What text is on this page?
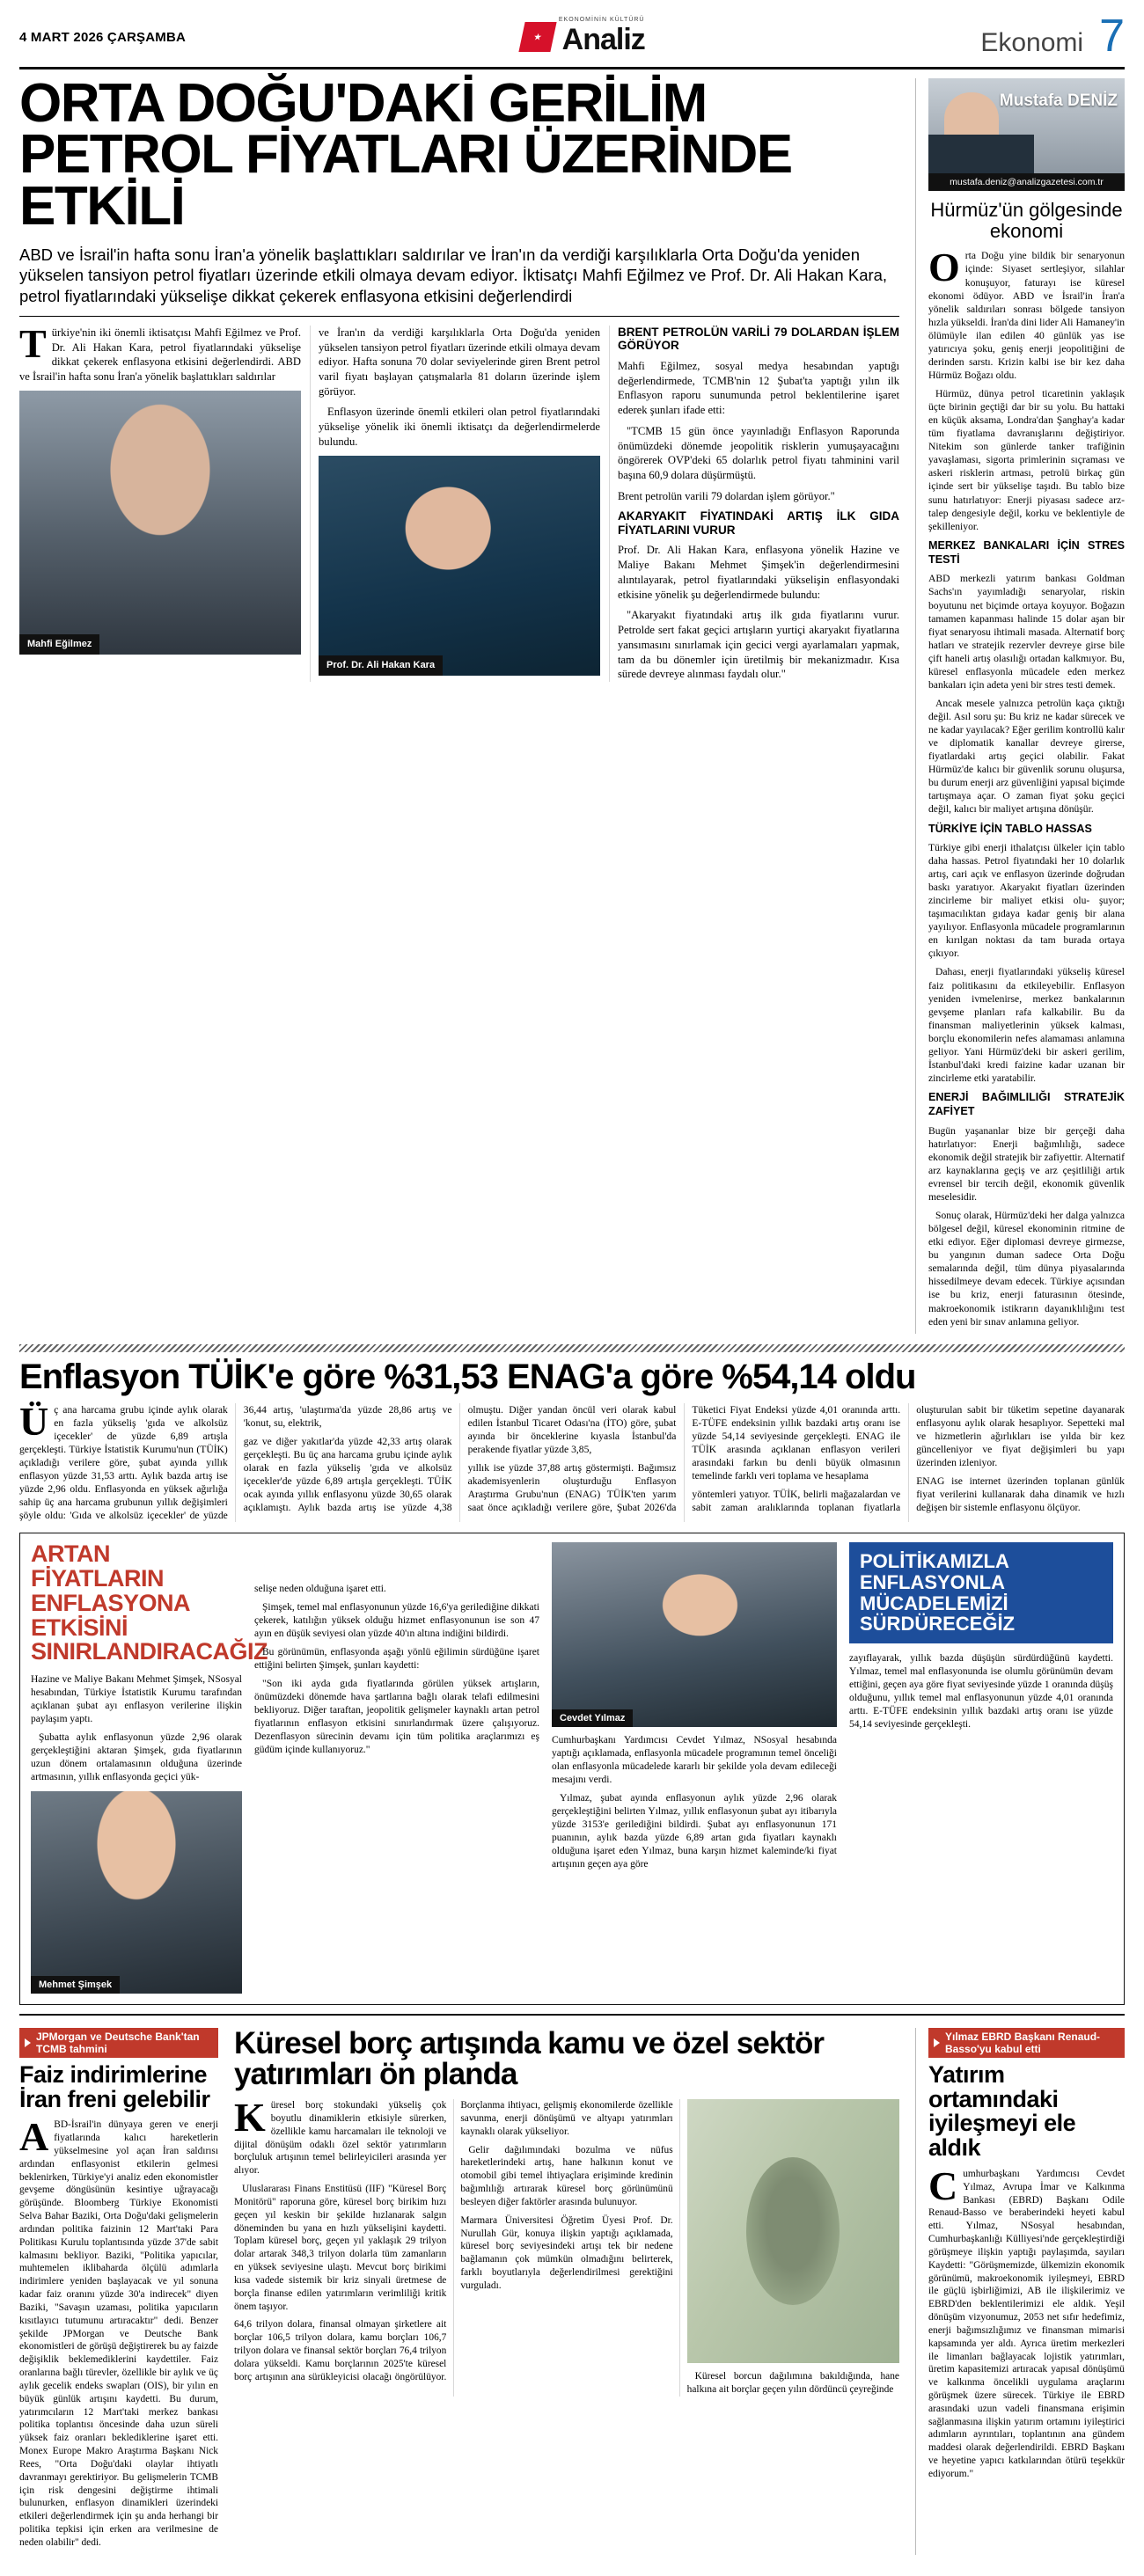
4 MART 2026 ÇARŞAMBA	★
EKONOMİNİN KÜLTÜRÜ
Analiz	Ekonomi 7
ORTA DOĞU'DAKİ GERİLİM PETROL FİYATLARI ÜZERİNDE ETKİLİ
ABD ve İsrail'in hafta sonu İran'a yönelik başlattıkları saldırılar ve İran'ın da verdiği karşılıklarla Orta Doğu'da yeniden yükselen tansiyon petrol fiyatları üzerinde etkili olmaya devam ediyor. İktisatçı Mahfi Eğilmez ve Prof. Dr. Ali Hakan Kara, petrol fiyatlarındaki yükselişe dikkat çekerek enflasyona etkisini değerlendirdi

Türkiye'nin iki önemli iktisatçısı Mahfi Eğilmez ve Prof. Dr. Ali Hakan Kara, petrol fiyatlarındaki yükselişe dikkat çekerek enflasyona etkisini değerlendirdi. ABD ve İsrail'in hafta sonu İran'a yönelik başlattıkları saldırılar

Mahfi Eğilmez

ve İran'ın da verdiği karşılıklarla Orta Doğu'da yeniden yükselen tansiyon petrol fiyatları üzerinde etkili olmaya devam ediyor. Hafta sonuna 70 dolar seviyelerinde giren Brent petrol varil fiyatı başlayan çatışmalarla 81 doların üzerinde işlem görüyor.

Enflasyon üzerinde önemli etkileri olan petrol fiyatlarındaki yükselişe yönelik iki önemli iktisatçı da değerlendirmelerde bulundu.

Prof. Dr. Ali Hakan Kara

BRENT PETROLÜN VARİLİ 79 DOLARDAN İŞLEM GÖRÜYOR

Mahfi Eğilmez, sosyal medya hesabından yaptığı değerlendirmede, TCMB'nin 12 Şubat'ta yaptığı yılın ilk Enflasyon raporu sunumunda petrol beklentilerine işaret ederek şunları ifade etti:

"TCMB 15 gün önce yayınladığı Enflasyon Raporunda önümüzdeki dönemde jeopolitik risklerin yumuşayacağını öngörerek OVP'deki 65 dolarlık petrol fiyatı tahminini varil başına 60,9 dolara düşürmüştü.

Brent petrolün varili 79 dolardan işlem görüyor."

AKARYAKIT FİYATINDAKİ ARTIŞ İLK GIDA FİYATLARINI VURUR

Prof. Dr. Ali Hakan Kara, enflasyona yönelik Hazine ve Maliye Bakanı Mehmet Şimşek'in değerlendirmesini alıntılayarak, petrol fiyatlarındaki yükselişin enflasyondaki etkisine yönelik şu değerlendirmede bulundu:

"Akaryakıt fiyatındaki artış ilk gıda fiyatlarını vurur. Petrolde sert fakat geçici artışların yurtiçi akaryakıt fiyatlarına yansımasını sınırlamak için gecici vergi ayarlamaları yapmak, tam da bu dönemler için üretilmiş bir mekanizmadır. Kısa sürede devreye alınması faydalı olur."

Mustafa DENİZ
mustafa.deniz@analizgazetesi.com.tr
Hürmüz'ün gölgesinde ekonomi

Orta Doğu yine bildik bir senaryonun içinde: Siyaset sertleşiyor, silahlar konuşuyor, faturayı ise küresel ekonomi ödüyor. ABD ve İsrail'in İran'a yönelik saldırıları sonrası bölgede tansiyon hızla yükseldi. İran'da dini lider Ali Hamaney'in ölümüyle ilan edilen 40 günlük yas ise yatırıcıya şoku, geniş enerji jeopolitiğini de derinden sarstı. Krizin kalbi ise bir kez daha Hürmüz Boğazı oldu.

Hürmüz, dünya petrol ticaretinin yaklaşık üçte birinin geçtiği dar bir su yolu. Bu hattaki en küçük aksama, Londra'dan Şanghay'a kadar tüm fiyatlama davranışlarını değiştiriyor. Nitekim son günlerde tanker trafiğinin yavaşlaması, sigorta primlerinin sıçraması ve askeri risklerin artması, petrolü birkaç gün içinde sert bir yükselişe taşıdı. Bu tablo bize sunu hatırlatıyor: Enerji piyasası sadece arz-talep dengesiyle değil, korku ve beklentiyle de şekilleniyor.

MERKEZ BANKALARI İÇİN STRES TESTİ

ABD merkezli yatırım bankası Goldman Sachs'ın yayımladığı senaryolar, riskin boyutunu net biçimde ortaya koyuyor. Boğazın tamamen kapanması halinde 15 dolar aşan bir fiyat senaryosu ihtimali masada. Alternatif borç hatları ve stratejik rezervler devreye girse bile çift haneli artış olasılığı ortadan kalkmıyor. Bu, küresel enflasyonla mücadele eden merkez bankaları için adeta yeni bir stres testi demek.

Ancak mesele yalnızca petrolün kaça çıktığı değil. Asıl soru şu: Bu kriz ne kadar sürecek ve ne kadar yayılacak? Eğer gerilim kontrollü kalır ve diplomatik kanallar devreye girerse, fiyatlardaki artış geçici olabilir. Fakat Hürmüz'de kalıcı bir güvenlik sorunu oluşursa, bu durum enerji arz güvenliğini yapısal biçimde tartışmaya açar. O zaman fiyat şoku geçici değil, kalıcı bir maliyet artışına dönüşür.

TÜRKİYE İÇİN TABLO HASSAS

Türkiye gibi enerji ithalatçısı ülkeler için tablo daha hassas. Petrol fiyatındaki her 10 dolarlık artış, cari açık ve enflasyon üzerinde doğrudan baskı yaratıyor. Akaryakıt fiyatları üzerinden zincirleme bir maliyet etkisi olu- şuyor; taşımacılıktan gıdaya kadar geniş bir alana yayılıyor. Enflasyonla mücadele programlarının en kırılgan noktası da tam burada ortaya çıkıyor.

Dahası, enerji fiyatlarındaki yükseliş küresel faiz politikasını da etkileyebilir. Enflasyon yeniden ivmelenirse, merkez bankalarının gevşeme planları rafa kalkabilir. Bu da finansman maliyetlerinin yüksek kalması, borçlu ekonomilerin nefes alamaması anlamına geliyor. Yani Hürmüz'deki bir askeri gerilim, İstanbul'daki kredi faizine kadar uzanan bir zincirleme etki yaratabilir.

ENERJİ BAĞIMLILIĞI STRATEJİK ZAFİYET

Bugün yaşananlar bize bir gerçeği daha hatırlatıyor: Enerji bağımlılığı, sadece ekonomik değil stratejik bir zafiyettir. Alternatif arz kaynaklarına geçiş ve arz çeşitliliği artık evrensel bir tercih değil, ekonomik güvenlik meselesidir.

Sonuç olarak, Hürmüz'deki her dalga yalnızca bölgesel değil, küresel ekonominin ritmine de etki ediyor. Eğer diplomasi devreye girmezse, bu yangının duman sadece Orta Doğu semalarında değil, tüm dünya piyasalarında hissedilmeye devam edecek. Türkiye açısından ise bu kriz, enerji faturasının ötesinde, makroekonomik istikrarın dayanıklılığını test eden yeni bir sınav anlamına geliyor.

Enflasyon TÜİK'e göre %31,53 ENAG'a göre %54,14 oldu

Üç ana harcama grubu içinde aylık olarak en fazla yükseliş 'gıda ve alkolsüz içecekler' de yüzde 6,89 artışla gerçekleşti. Türkiye İstatistik Kurumu'nun (TÜİK) açıkladığı verilere göre, şubat ayında yıllık enflasyon yüzde 31,53 arttı. Aylık bazda artış ise yüzde 2,96 oldu. Enflasyonda en yüksek ağırlığa sahip üç ana harcama grubunun yıllık değişimleri şöyle oldu: 'Gıda ve alkolsüz içecekler' de yüzde 36,44 artış, 'ulaştırma'da yüzde 28,86 artış ve 'konut, su, elektrik,

gaz ve diğer yakıtlar'da yüzde 42,33 artış olarak gerçekleşti. Bu üç ana harcama grubu içinde aylık olarak en fazla yükseliş 'gıda ve alkolsüz içecekler'de yüzde 6,89 artışla gerçekleşti. TÜİK ocak ayında yıllık enflasyonu yüzde 30,65 olarak açıklamıştı. Aylık bazda artış ise yüzde 4,38 olmuştu. Diğer yandan öncül veri olarak kabul edilen İstanbul Ticaret Odası'na (İTO) göre, şubat ayında bir önceklerine kıyasla İstanbul'da perakende fiyatlar yüzde 3,85,

yıllık ise yüzde 37,88 artış göstermişti. Bağımsız akademisyenlerin oluşturduğu Enflasyon Araştırma Grubu'nun (ENAG) TÜİK'ten yarım saat önce açıkladığı verilere göre, Şubat 2026'da Tüketici Fiyat Endeksi yüzde 4,01 oranında arttı. E-TÜFE endeksinin yıllık bazdaki artış oranı ise yüzde 54,14 seviyesinde gerçekleşti. ENAG ile TÜİK arasında açıklanan enflasyon verileri arasındaki farkın bu denli büyük olmasının temelinde farklı veri toplama ve hesaplama

yöntemleri yatıyor. TÜİK, belirli mağazalardan ve sabit zaman aralıklarında toplanan fiyatlarla oluşturulan sabit bir tüketim sepetine dayanarak enflasyonu aylık olarak hesaplıyor. Sepetteki mal ve hizmetlerin ağırlıkları ise yılda bir kez güncelleniyor ve fiyat değişimleri bu yapı üzerinden izleniyor.

ENAG ise internet üzerinden toplanan günlük fiyat verilerini kullanarak daha dinamik ve hızlı değişen bir sistemle enflasyonu ölçüyor.

ARTAN FİYATLARIN ENFLASYONA ETKİSİNİ SINIRLANDIRACAĞIZ

Hazine ve Maliye Bakanı Mehmet Şimşek, NSosyal hesabından, Türkiye İstatistik Kurumu tarafından açıklanan şubat ayı enflasyon verilerine ilişkin paylaşım yaptı.

Şubatta aylık enflasyonun yüzde 2,96 olarak gerçekleştiğini aktaran Şimşek, gıda fiyatlarının uzun dönem ortalamasının olduğuna üzerinde artmasının, yıllık enflasyonda geçici yük-

Mehmet Şimşek

selişe neden olduğuna işaret etti.

Şimşek, temel mal enflasyonunun yüzde 16,6'ya gerilediğine dikkati çekerek, katılığın yüksek olduğu hizmet enflasyonunun ise son 47 ayın en düşük seviyesi olan yüzde 40'ın altına indiğini bildirdi.

Bu görünümün, enflasyonda aşağı yönlü eğilimin sürdüğüne işaret ettiğini belirten Şimşek, şunları kaydetti:

"Son iki ayda gıda fiyatlarında görülen yüksek artışların, önümüzdeki dönemde hava şartlarına bağlı olarak telafi edilmesini bekliyoruz. Diğer taraftan, jeopolitik gelişmeler kaynaklı artan petrol fiyatlarının enflasyon etkisini sınırlandırmak üzere çalışıyoruz. Dezenflasyon sürecinin devamı için tüm politika araçlarımızı eş güdüm içinde kullanıyoruz."

Cevdet Yılmaz

Cumhurbaşkanı Yardımcısı Cevdet Yılmaz, NSosyal hesabında yaptığı açıklamada, enflasyonla mücadele programının temel önceliği olan enflasyonla mücadelede kararlı bir şekilde yola devam edileceği mesajını verdi.

Yılmaz, şubat ayında enflasyonun aylık yüzde 2,96 olarak gerçekleştiğini belirten Yılmaz, yıllık enflasyonun şubat ayı itibarıyla yüzde 3153'e gerilediğini bildirdi. Şubat ayı enflasyonunun 171 puanının, aylık bazda yüzde 6,89 artan gıda fiyatları kaynaklı olduğuna işaret eden Yılmaz, buna karşın hizmet kaleminde/ki fiyat artışının geçen aya göre

POLİTİKAMIZLA ENFLASYONLA MÜCADELEMİZİ SÜRDÜRECEĞİZ

zayıflayarak, yıllık bazda düşüşün sürdürdüğünü kaydetti. Yılmaz, temel mal enflasyonunda ise olumlu görünümün devam ettiğini, geçen aya göre fiyat seviyesinde yüzde 1 oranında düşüş olduğunu, yıllık temel mal enflasyonunun yüzde 4,01 oranında arttı. E-TÜFE endeksinin yıllık bazdaki artış oranı ise yüzde 54,14 seviyesinde gerçekleşti.

JPMorgan ve Deutsche Bank'tan TCMB tahmini
Faiz indirimlerine İran freni gelebilir

ABD-İsrail'in dünyaya geren ve enerji fiyatlarında kalıcı hareketlerin yükselmesine yol açan İran saldırısı ardından enflasyonist etkilerin gelmesi beklenirken, Türkiye'yi analiz eden ekonomistler gevşeme döngüsünün kesintiye uğrayacağı görüşünde. Bloomberg Türkiye Ekonomisti Selva Bahar Baziki, Orta Doğu'daki gelişmelerin ardından politika faizinin 12 Mart'taki Para Politikası Kurulu toplantısında yüzde 37'de sabit kalmasını bekliyor. Baziki, "Politika yapıcılar, muhtemelen iklibaharda ölçülü adımlarla indirimlere yeniden başlayacak ve yıl sonuna kadar faiz oranını yüzde 30'a indirecek" diyen Baziki, "Savaşın uzaması, politika yapıcıların kısıtlayıcı tutumunu artıracaktır" dedi. Benzer şekilde JPMorgan ve Deutsche Bank ekonomistleri de görüşü değiştirerek bu ay faizde değişiklik beklemediklerini kaydettiler. Faiz oranlarına bağlı türevler, özellikle bir aylık ve üç aylık gecelik endeks swapları (OIS), bir yılın en büyük günlük artışını kaydetti. Bu durum, yatırımcıların 12 Mart'taki merkez bankası politika toplantısı öncesinde daha uzun süreli yüksek faiz oranları beklediklerine işaret etti. Monex Europe Makro Araştırma Başkanı Nick Rees, "Orta Doğu'daki olaylar ihtiyatlı davranmayı gerektiriyor. Bu gelişmelerin TCMB için risk dengesini değiştirme ihtimali bulunurken, enflasyon dinamikleri üzerindeki etkileri değerlendirmek için şu anda herhangi bir politika tepkisi için erken ara verilmesine de neden olabilir" dedi.

Küresel borç artışında kamu ve özel sektör yatırımları ön planda

Küresel borç stokundaki yükseliş çok boyutlu dinamiklerin etkisiyle sürerken, özellikle kamu harcamaları ile teknoloji ve dijital dönüşüm odaklı özel sektör yatırımların borçluluk artışının temel belirleyicileri arasında yer alıyor.

Uluslararası Finans Enstitüsü (IIF) "Küresel Borç Monitörü" raporuna göre, küresel borç birikim hızı geçen yıl keskin bir şekilde hızlanarak salgın döneminden bu yana en hızlı yükselişini kaydetti. Toplam küresel borç, geçen yıl yaklaşık 29 trilyon dolar artarak 348,3 trilyon dolarla tüm zamanların en yüksek seviyesine ulaştı. Mevcut borç birikimi kısa vadede sistemik bir kriz sinyali üretmese de borçla finanse edilen yatırımların verimliliği kritik önem taşıyor.

64,6 trilyon dolara, finansal olmayan şirketlere ait borçlar 106,5 trilyon dolara, kamu borçları 106,7 trilyon dolara ve finansal sektör borçları 76,4 trilyon dolara yükseldi. Kamu borçlarının 2025'te küresel borç artışının ana sürükleyicisi olacağı öngörülüyor. Borçlanma ihtiyacı, gelişmiş ekonomilerde özellikle savunma, enerji dönüşümü ve altyapı yatırımları kaynaklı olarak yükseliyor.

Gelir dağılımındaki bozulma ve nüfus hareketlerindeki artış, hane halkının konut ve otomobil gibi temel ihtiyaçlara erişiminde kredinin bağımlılığı artırarak küresel borç görünümünü besleyen diğer faktörler arasında bulunuyor.

Marmara Üniversitesi Öğretim Üyesi Prof. Dr. Nurullah Gür, konuya ilişkin yaptığı açıklamada, küresel borç seviyesindeki artışı tek bir nedene bağlamanın çok mümkün olmadığını belirterek, farklı boyutlarıyla değerlendirilmesi gerektiğini vurguladı.

Küresel borcun dağılımına bakıldığında, hane halkına ait borçlar geçen yılın dördüncü çeyreğinde

Yılmaz EBRD Başkanı Renaud-Basso'yu kabul etti
Yatırım ortamındaki iyileşmeyi ele aldık

Cumhurbaşkanı Yardımcısı Cevdet Yılmaz, Avrupa İmar ve Kalkınma Bankası (EBRD) Başkanı Odile Renaud-Basso ve beraberindeki heyeti kabul etti. Yılmaz, NSosyal hesabından, Cumhurbaşkanlığı Külliyesi'nde gerçekleştirdiği görüşmeye ilişkin yaptığı paylaşımda, sayıları Kaydetti: "Görüşmemizde, ülkemizin ekonomik görünümü, makroekonomik iyileşmeyi, EBRD ile güçlü işbirliğimizi, AB ile ilişkilerimiz ve EBRD'den beklentilerimizi ele aldık. Yeşil dönüşüm vizyonumuz, 2053 net sıfır hedefimiz, enerji bağımsızlığımız ve finansman mimarisi kapsamında yer aldı. Ayrıca üretim merkezleri ile limanları bağlayacak lojistik yatırımları, üretim kapasitemizi artıracak yapısal dönüşümü ve kalkınma öncelikli uygulama araçlarını görüşmek üzere sürecek. Türkiye ile EBRD arasındaki uzun vadeli finansmana erişimin sağlanmasına ilişkin yatırım ortamını iyileştirici adımların ayrıntıları, toplantının ana gündem maddesi olarak değerlendirildi. EBRD Başkanı ve heyetine yapıcı katkılarından ötürü teşekkür ediyorum."
